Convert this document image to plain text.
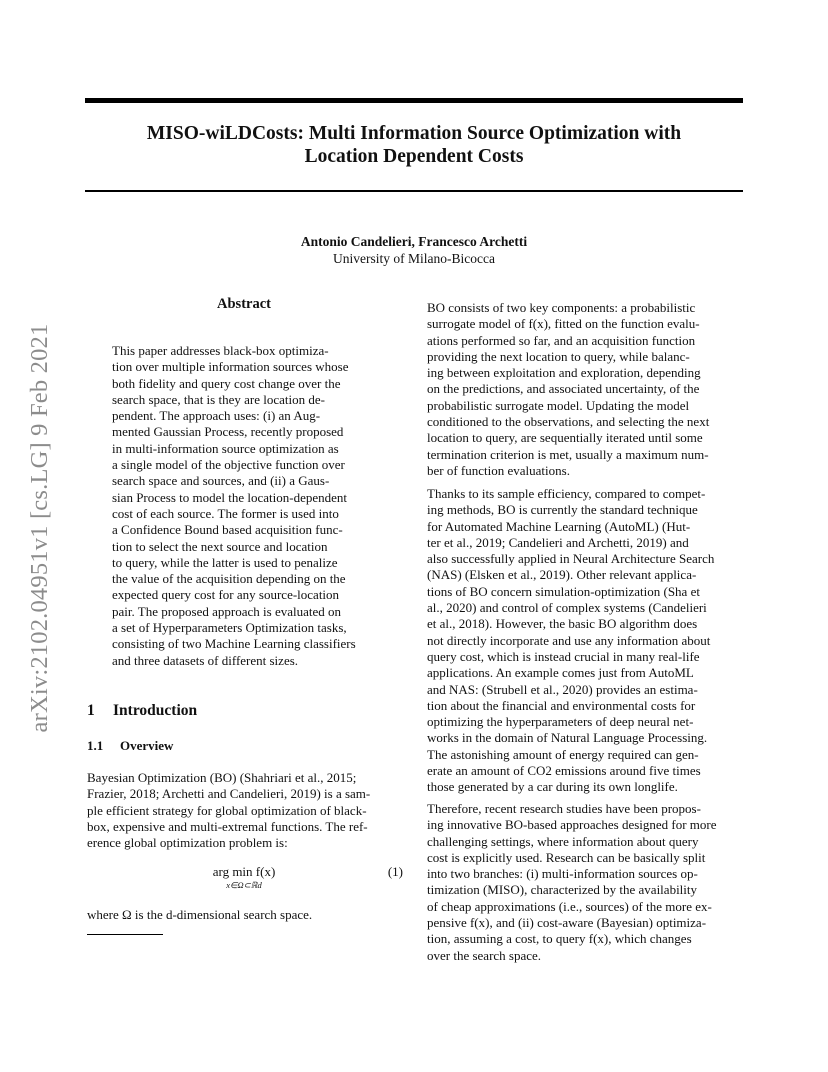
MISO-wiLDCosts: Multi Information Source Optimization with
Location Dependent Costs
Antonio Candelieri, Francesco Archetti
University of Milano-Bicocca
arXiv:2102.04951v1 [cs.LG] 9 Feb 2021
Abstract
This paper addresses black-box optimiza-
tion over multiple information sources whose
both fidelity and query cost change over the
search space, that is they are location de-
pendent. The approach uses: (i) an Aug-
mented Gaussian Process, recently proposed
in multi-information source optimization as
a single model of the objective function over
search space and sources, and (ii) a Gaus-
sian Process to model the location-dependent
cost of each source. The former is used into
a Confidence Bound based acquisition func-
tion to select the next source and location
to query, while the latter is used to penalize
the value of the acquisition depending on the
expected query cost for any source-location
pair. The proposed approach is evaluated on
a set of Hyperparameters Optimization tasks,
consisting of two Machine Learning classifiers
and three datasets of different sizes.
1 Introduction
1.1 Overview
Bayesian Optimization (BO) (Shahriari et al., 2015;
Frazier, 2018; Archetti and Candelieri, 2019) is a sam-
ple efficient strategy for global optimization of black-
box, expensive and multi-extremal functions. The ref-
erence global optimization problem is:
arg min f(x)
x∈Ω⊂ℝd
(1)
where Ω is the d-dimensional search space.
BO consists of two key components: a probabilistic
surrogate model of f(x), fitted on the function evalu-
ations performed so far, and an acquisition function
providing the next location to query, while balanc-
ing between exploitation and exploration, depending
on the predictions, and associated uncertainty, of the
probabilistic surrogate model. Updating the model
conditioned to the observations, and selecting the next
location to query, are sequentially iterated until some
termination criterion is met, usually a maximum num-
ber of function evaluations.
Thanks to its sample efficiency, compared to compet-
ing methods, BO is currently the standard technique
for Automated Machine Learning (AutoML) (Hut-
ter et al., 2019; Candelieri and Archetti, 2019) and
also successfully applied in Neural Architecture Search
(NAS) (Elsken et al., 2019). Other relevant applica-
tions of BO concern simulation-optimization (Sha et
al., 2020) and control of complex systems (Candelieri
et al., 2018). However, the basic BO algorithm does
not directly incorporate and use any information about
query cost, which is instead crucial in many real-life
applications. An example comes just from AutoML
and NAS: (Strubell et al., 2020) provides an estima-
tion about the financial and environmental costs for
optimizing the hyperparameters of deep neural net-
works in the domain of Natural Language Processing.
The astonishing amount of energy required can gen-
erate an amount of CO2 emissions around five times
those generated by a car during its own longlife.
Therefore, recent research studies have been propos-
ing innovative BO-based approaches designed for more
challenging settings, where information about query
cost is explicitly used. Research can be basically split
into two branches: (i) multi-information sources op-
timization (MISO), characterized by the availability
of cheap approximations (i.e., sources) of the more ex-
pensive f(x), and (ii) cost-aware (Bayesian) optimiza-
tion, assuming a cost, to query f(x), which changes
over the search space.
